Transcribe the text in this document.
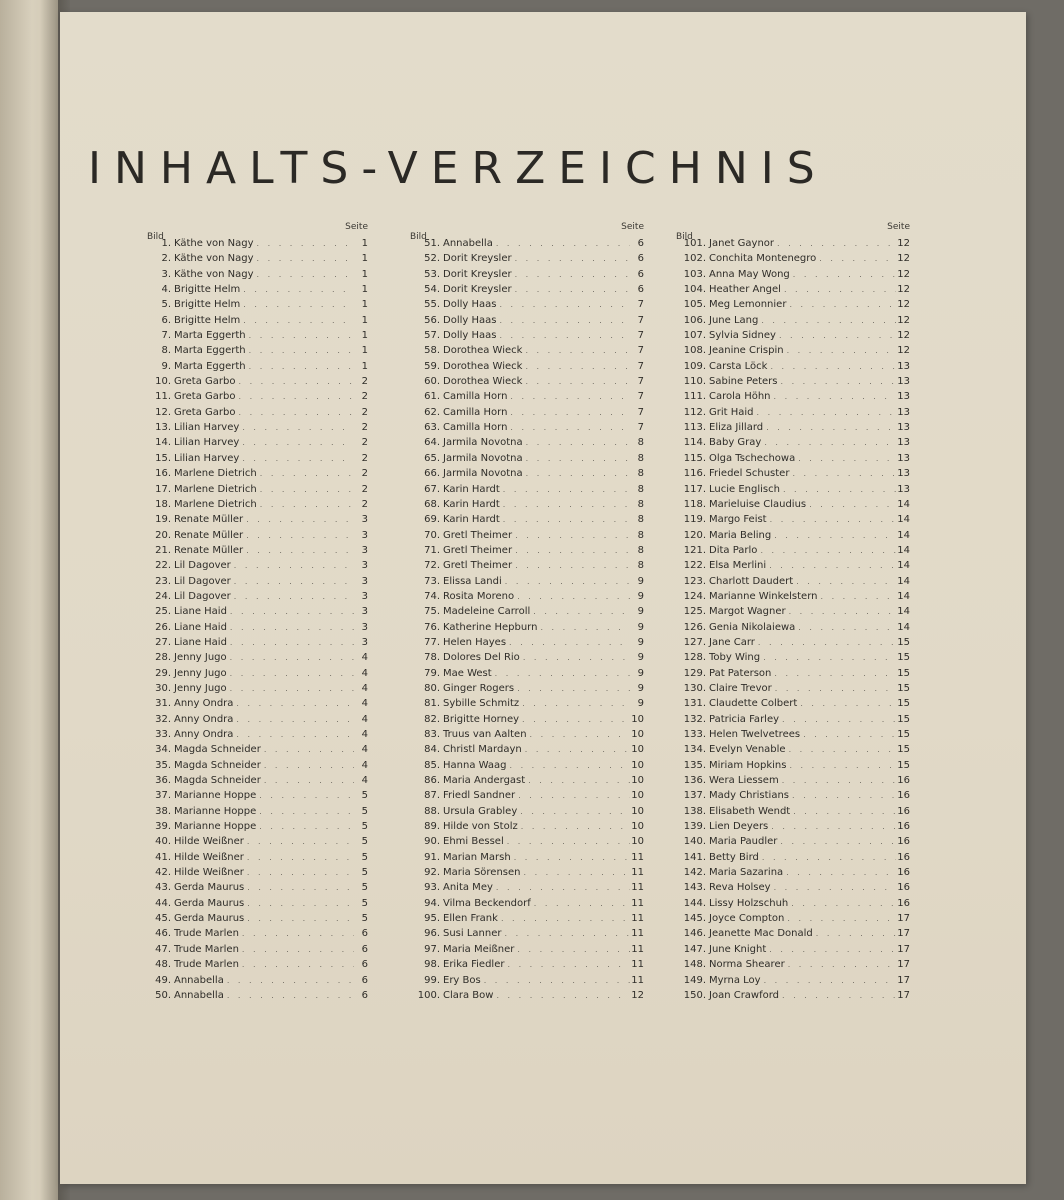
INHALTS-VERZEICHNIS
Bild
Seite
1. Käthe von Nagy . . .	1
2. Käthe von Nagy . . .	1
3. Käthe von Nagy . . .	1
4. Brigitte Helm . . .	1
5. Brigitte Helm . . .	1
6. Brigitte Helm . . .	1
7. Marta Eggerth . . .	1
8. Marta Eggerth . . .	1
9. Marta Eggerth . . .	1
10. Greta Garbo . . .	2
11. Greta Garbo . . .	2
12. Greta Garbo . . .	2
13. Lilian Harvey . . .	2
14. Lilian Harvey . . .	2
15. Lilian Harvey . . .	2
16. Marlene Dietrich . . .	2
17. Marlene Dietrich . . .	2
18. Marlene Dietrich . . .	2
19. Renate Müller . . .	3
20. Renate Müller . . .	3
21. Renate Müller . . .	3
22. Lil Dagover . . .	3
23. Lil Dagover . . .	3
24. Lil Dagover . . .	3
25. Liane Haid . . .	3
26. Liane Haid . . .	3
27. Liane Haid . . .	3
28. Jenny Jugo . . .	4
29. Jenny Jugo . . .	4
30. Jenny Jugo . . .	4
31. Anny Ondra . . .	4
32. Anny Ondra . . .	4
33. Anny Ondra . . .	4
34. Magda Schneider . . .	4
35. Magda Schneider . . .	4
36. Magda Schneider . . .	4
37. Marianne Hoppe . . .	5
38. Marianne Hoppe . . .	5
39. Marianne Hoppe . . .	5
40. Hilde Weißner . . .	5
41. Hilde Weißner . . .	5
42. Hilde Weißner . . .	5
43. Gerda Maurus . . .	5
44. Gerda Maurus . . .	5
45. Gerda Maurus . . .	5
46. Trude Marlen . . .	6
47. Trude Marlen . . .	6
48. Trude Marlen . . .	6
49. Annabella . . .	6
50. Annabella . . .	6
Bild
Seite
51. Annabella . . .	6
52. Dorit Kreysler . . .	6
53. Dorit Kreysler . . .	6
54. Dorit Kreysler . . .	6
55. Dolly Haas . . .	7
56. Dolly Haas . . .	7
57. Dolly Haas . . .	7
58. Dorothea Wieck . . .	7
59. Dorothea Wieck . . .	7
60. Dorothea Wieck . . .	7
61. Camilla Horn . . .	7
62. Camilla Horn . . .	7
63. Camilla Horn . . .	7
64. Jarmila Novotna . . .	8
65. Jarmila Novotna . . .	8
66. Jarmila Novotna . . .	8
67. Karin Hardt . . .	8
68. Karin Hardt . . .	8
69. Karin Hardt . . .	8
70. Gretl Theimer . . .	8
71. Gretl Theimer . . .	8
72. Gretl Theimer . . .	8
73. Elissa Landi . . .	9
74. Rosita Moreno . . .	9
75. Madeleine Carroll . . .	9
76. Katherine Hepburn . . .	9
77. Helen Hayes . . .	9
78. Dolores Del Rio . . .	9
79. Mae West . . .	9
80. Ginger Rogers . . .	9
81. Sybille Schmitz . . .	9
82. Brigitte Horney . . .	10
83. Truus van Aalten . . .	10
84. Christl Mardayn . . .	10
85. Hanna Waag . . .	10
86. Maria Andergast . . .	10
87. Friedl Sandner . . .	10
88. Ursula Grabley . . .	10
89. Hilde von Stolz . . .	10
90. Ehmi Bessel . . .	10
91. Marian Marsh . . .	11
92. Maria Sörensen . . .	11
93. Anita Mey . . .	11
94. Vilma Beckendorf . . .	11
95. Ellen Frank . . .	11
96. Susi Lanner . . .	11
97. Maria Meißner . . .	11
98. Erika Fiedler . . .	11
99. Ery Bos . . .	11
100. Clara Bow . . .	12
Bild
Seite
101. Janet Gaynor . . .	12
102. Conchita Montenegro . . .	12
103. Anna May Wong . . .	12
104. Heather Angel . . .	12
105. Meg Lemonnier . . .	12
106. June Lang . . .	12
107. Sylvia Sidney . . .	12
108. Jeanine Crispin . . .	12
109. Carsta Löck . . .	13
110. Sabine Peters . . .	13
111. Carola Höhn . . .	13
112. Grit Haid . . .	13
113. Eliza Jillard . . .	13
114. Baby Gray . . .	13
115. Olga Tschechowa . . .	13
116. Friedel Schuster . . .	13
117. Lucie Englisch . . .	13
118. Marieluise Claudius . . .	14
119. Margo Feist . . .	14
120. Maria Beling . . .	14
121. Dita Parlo . . .	14
122. Elsa Merlini . . .	14
123. Charlott Daudert . . .	14
124. Marianne Winkelstern . . .	14
125. Margot Wagner . . .	14
126. Genia Nikolaiewa . . .	14
127. Jane Carr . . .	15
128. Toby Wing . . .	15
129. Pat Paterson . . .	15
130. Claire Trevor . . .	15
131. Claudette Colbert . . .	15
132. Patricia Farley . . .	15
133. Helen Twelvetrees . . .	15
134. Evelyn Venable . . .	15
135. Miriam Hopkins . . .	15
136. Wera Liessem . . .	16
137. Mady Christians . . .	16
138. Elisabeth Wendt . . .	16
139. Lien Deyers . . .	16
140. Maria Paudler . . .	16
141. Betty Bird . . .	16
142. Maria Sazarina . . .	16
143. Reva Holsey . . .	16
144. Lissy Holzschuh . . .	16
145. Joyce Compton . . .	17
146. Jeanette Mac Donald . . .	17
147. June Knight . . .	17
148. Norma Shearer . . .	17
149. Myrna Loy . . .	17
150. Joan Crawford . . .	17
